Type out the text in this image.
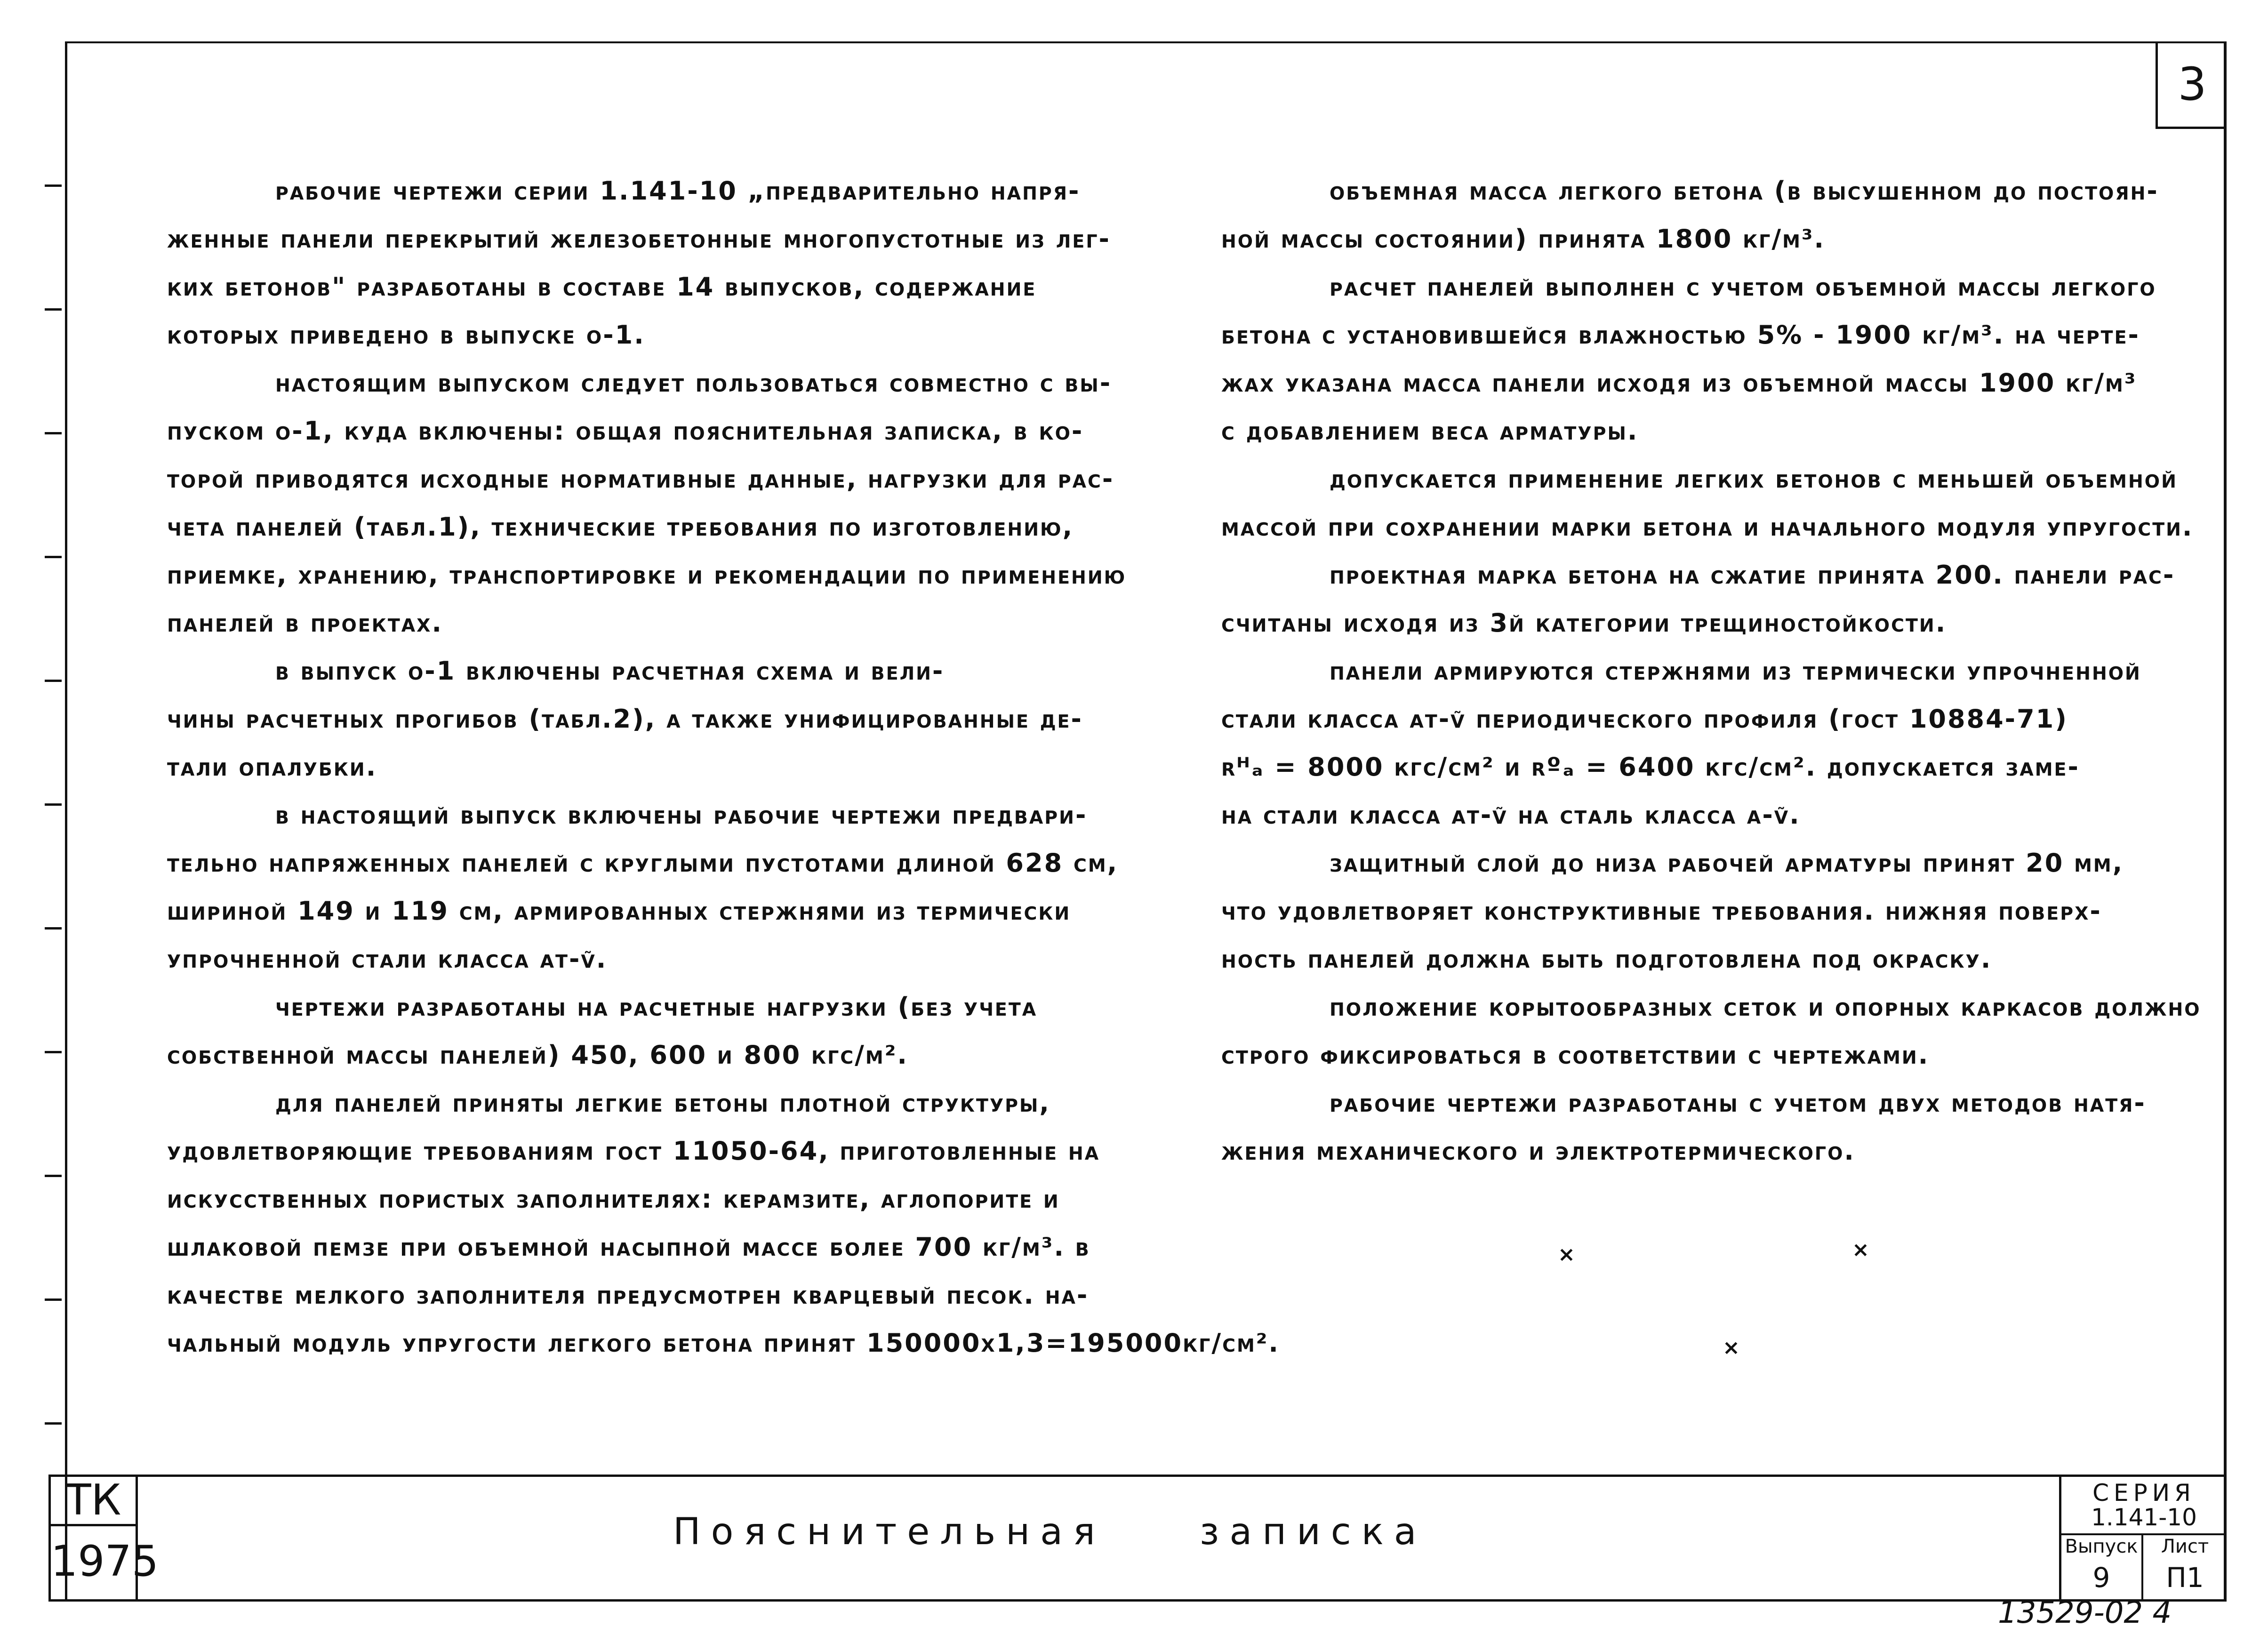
3
рабочие чертежи серии 1.141-10 „предварительно напря-
женные панели перекрытий железобетонные многопустотные из лег-
ких бетонов" разработаны в составе 14 выпусков, содержание
которых приведено в выпуске о-1.
настоящим выпуском следует пользоваться совместно с вы-
пуском о-1, куда включены: общая пояснительная записка, в ко-
торой приводятся исходные нормативные данные, нагрузки для рас-
чета панелей (табл.1), технические требования по изготовлению,
приемке, хранению, транспортировке и рекомендации по применению
панелей в проектах.
в выпуск о-1 включены расчетная схема и вели-
чины расчетных прогибов (табл.2), а также унифицированные де-
тали опалубки.
в настоящий выпуск включены рабочие чертежи предвари-
тельно напряженных панелей с круглыми пустотами длиной 628 см,
шириной 149 и 119 см, армированных стержнями из термически
упрочненной стали класса ат-ṽ.
чертежи разработаны на расчетные нагрузки (без учета
собственной массы панелей) 450, 600 и 800 кгс/м².
для панелей приняты легкие бетоны плотной структуры,
удовлетворяющие требованиям гост 11050-64, приготовленные на
искусственных пористых заполнителях: керамзите, аглопорите и
шлаковой пемзе при объемной насыпной массе более 700 кг/м³. в
качестве мелкого заполнителя предусмотрен кварцевый песок. на-
чальный модуль упругости легкого бетона принят 150000х1,3=195000кг/см².
объемная масса легкого бетона (в высушенном до постоян-
ной массы состоянии) принята 1800 кг/м³.
расчет панелей выполнен с учетом объемной массы легкого
бетона с установившейся влажностью 5% - 1900 кг/м³. на черте-
жах указана масса панели исходя из объемной массы 1900 кг/м³
с добавлением веса арматуры.
допускается применение легких бетонов с меньшей объемной
массой при сохранении марки бетона и начального модуля упругости.
проектная марка бетона на сжатие принята 200. панели рас-
считаны исходя из 3й категории трещиностойкости.
панели армируются стержнями из термически упрочненной
стали класса ат-ṽ периодического профиля (гост 10884-71)
rᴴₐ = 8000 кгс/см² и rºₐ = 6400 кгс/см². допускается заме-
на стали класса ат-ṽ на сталь класса а-ṽ.
защитный слой до низа рабочей арматуры принят 20 мм,
что удовлетворяет конструктивные требования. нижняя поверх-
ность панелей должна быть подготовлена под окраску.
положение корытообразных сеток и опорных каркасов должно
строго фиксироваться в соответствии с чертежами.
рабочие чертежи разработаны с учетом двух методов натя-
жения механического и электротермического.
×	×
×
ТК
1975
Пояснительная	записка
СЕРИЯ
1.141-10
Выпуск	Лист
9	П1
13529-02 4
